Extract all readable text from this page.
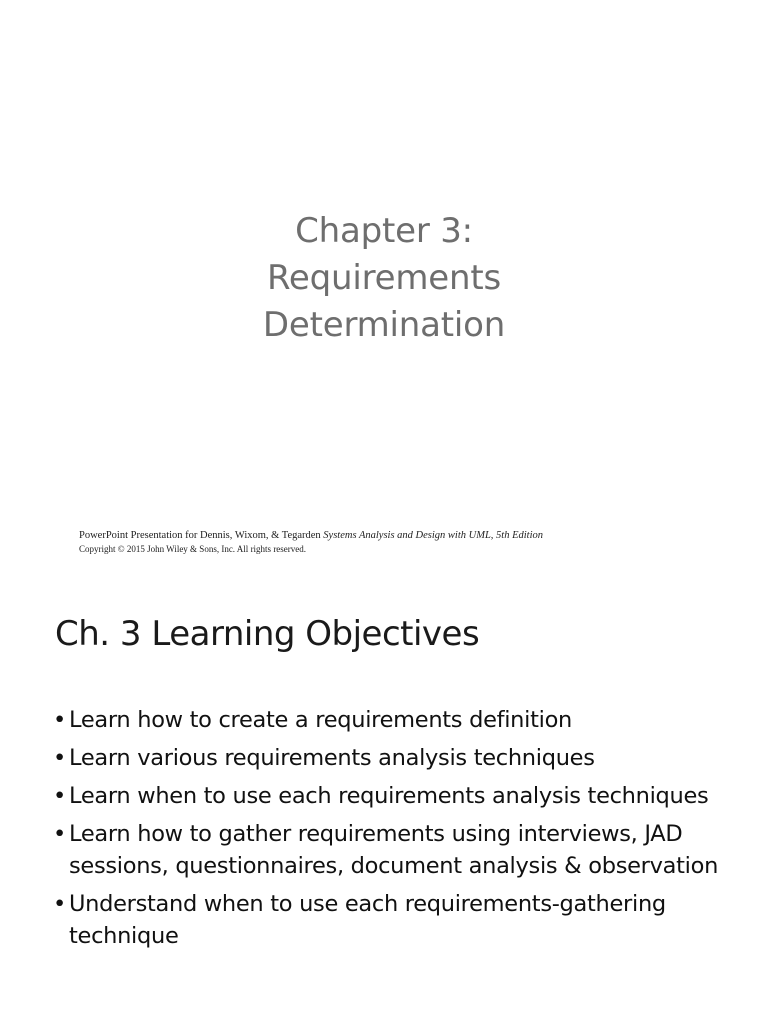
Chapter 3:
Requirements
Determination
PowerPoint Presentation for Dennis, Wixom, & Tegarden Systems Analysis and Design with UML, 5th Edition
Copyright © 2015 John Wiley & Sons, Inc. All rights reserved.
Ch. 3 Learning Objectives
• Learn how to create a requirements definition
• Learn various requirements analysis techniques
• Learn when to use each requirements analysis techniques
• Learn how to gather requirements using interviews, JAD sessions, questionnaires, document analysis & observation
• Understand when to use each requirements-gathering technique
